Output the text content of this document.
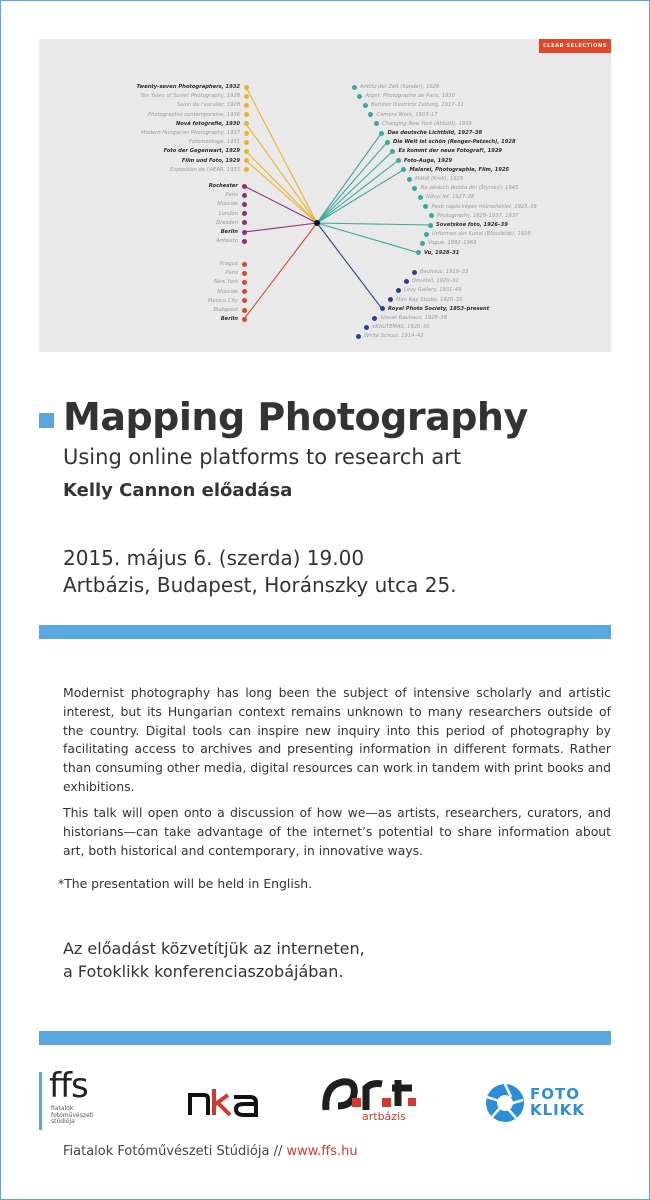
Twenty-seven Photographers, 1932
Ten Years of Soviet Photography, 1928
Salon de l'escalier, 1928
Photographie contemporaine, 1936
Nová fotografie, 1930
Modern Hungarian Photography, 1937
Fotomontage, 1931
Foto der Gegenwart, 1929
Film und Foto, 1929
Exposition de l'AEAR, 1935
Rochester
Paris
Moscow
London
Dresden
Berlin
Antwerp
Prague
Paris
New York
Moscow
Mexico City
Budapest
Berlin
Antlitz der Zeit (Sander), 1929
Atget: Photographe de Paris, 1930
Berliner Illustrirte Zeitung, 1917–31
Camera Work, 1903–17
Changing New York (Abbott), 1939
Das deutsche Lichtbild, 1927–38
Die Welt ist schön (Renger-Patzsch), 1928
Es kommt der neue Fotograf!, 1929
Foto-Auge, 1929
Malerei, Photographie, Film, 1925
Mätöl (Kroll), 1929
Na jakäsch tkohta dni (Štyrský), 1945
Nővyi lef, 1927–28
Pesti napló képes műmelléklet, 1925–39
Photography, 1829–1937, 1937
Sovetskoe foto, 1926–39
Urformen der Kunst (Blossfeldt), 1928
Vogue, 1892–1969
Vu, 1928–31
Bauhaus, 1919–33
Devětsil, 1920–31
Levy Gallery, 1931–49
Man Ray Studio, 1920–35
Royal Photo Society, 1853–present
Slovak Bauhaus, 1928–39
VKhUTEMAS, 1920–30
White School, 1914–42
CLEAR SELECTIONS
Mapping Photography
Using online platforms to research art
Kelly Cannon előadása
2015. május 6. (szerda) 19.00
Artbázis, Budapest, Horánszky utca 25.

Modernist photography has long been the subject of intensive scholarly and artistic interest, but its Hungarian context remains unknown to many researchers outside of the country. Digital tools can inspire new inquiry into this period of photography by facilitating access to archives and presenting information in different formats. Rather than consuming other media, digital resources can work in tandem with print books and exhibitions.

This talk will open onto a discussion of how we—as artists, researchers, curators, and historians—can take advantage of the internet’s potential to share information about art, both historical and contemporary, in innovative ways.

*The presentation will be held in English.
Az előadást közvetítjük az interneten,
a Fotoklikk konferenciaszobájában.
ffs
fiatalok fotóművészeti stúdiója	artbázis
FOTO
KLIKK
Fiatalok Fotóművészeti Stúdiója // www.ffs.hu
